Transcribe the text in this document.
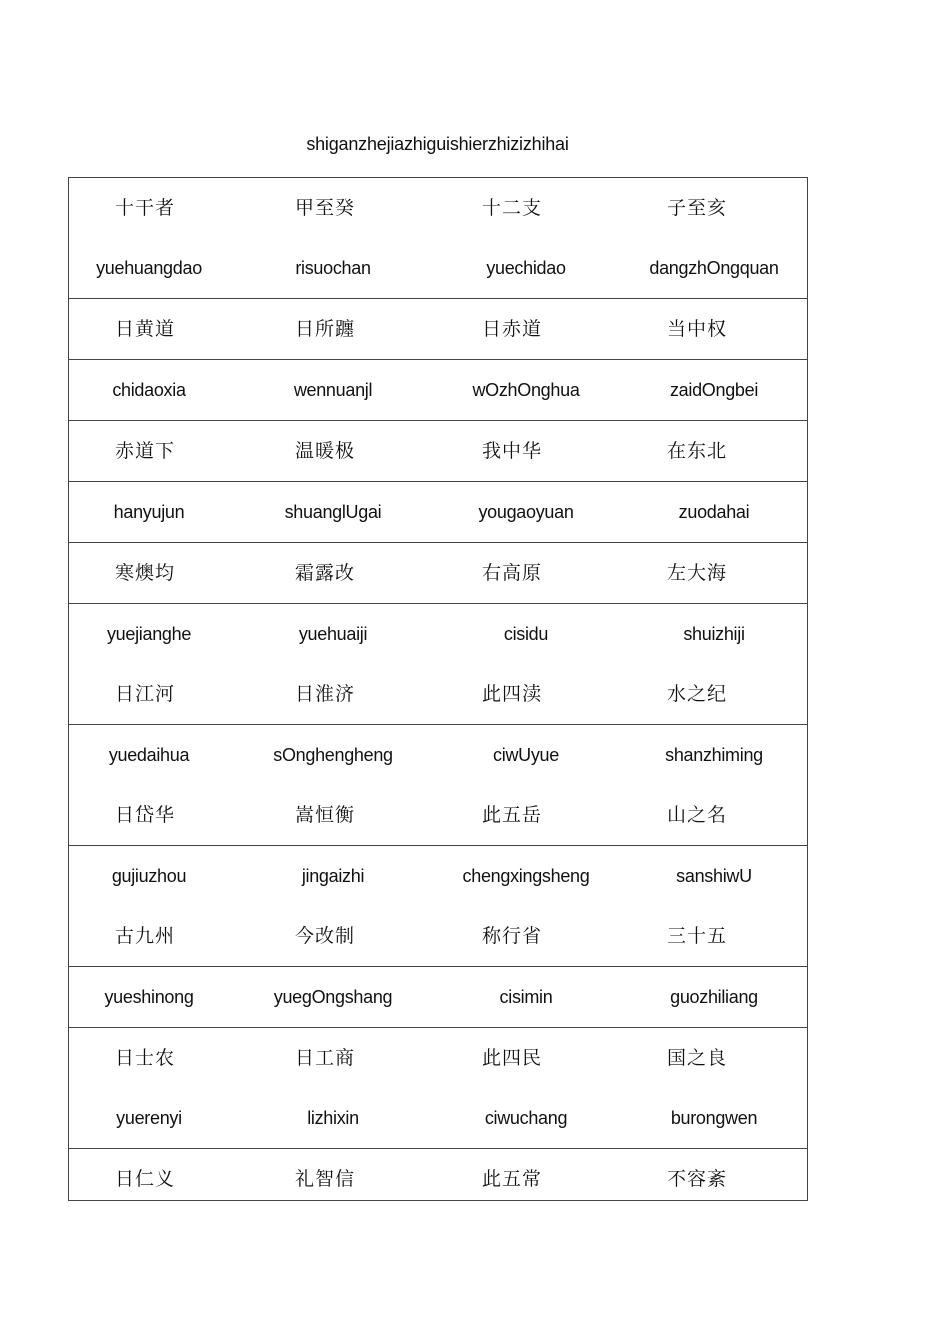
shiganzhejiazhiguishierzhizizhihai
十干者	甲至癸	十二支	子至亥
yuehuangdao	risuochan	yuechidao	dangzhOngquan
日黄道	日所躔	日赤道	当中权
chidaoxia	wennuanjl	wOzhOnghua	zaidOngbei
赤道下	温暖极	我中华	在东北
hanyujun	shuanglUgai	yougaoyuan	zuodahai
寒燠均	霜露改	右高原	左大海
yuejianghe	yuehuaiji	cisidu	shuizhiji
日江河	日淮济	此四渎	水之纪
yuedaihua	sOnghengheng	ciwUyue	shanzhiming
日岱华	嵩恒衡	此五岳	山之名
gujiuzhou	jingaizhi	chengxingsheng	sanshiwU
古九州	今改制	称行省	三十五
yueshinong	yuegOngshang	cisimin	guozhiliang
日士农	日工商	此四民	国之良
yuerenyi	lizhixin	ciwuchang	burongwen
日仁义	礼智信	此五常	不容紊
